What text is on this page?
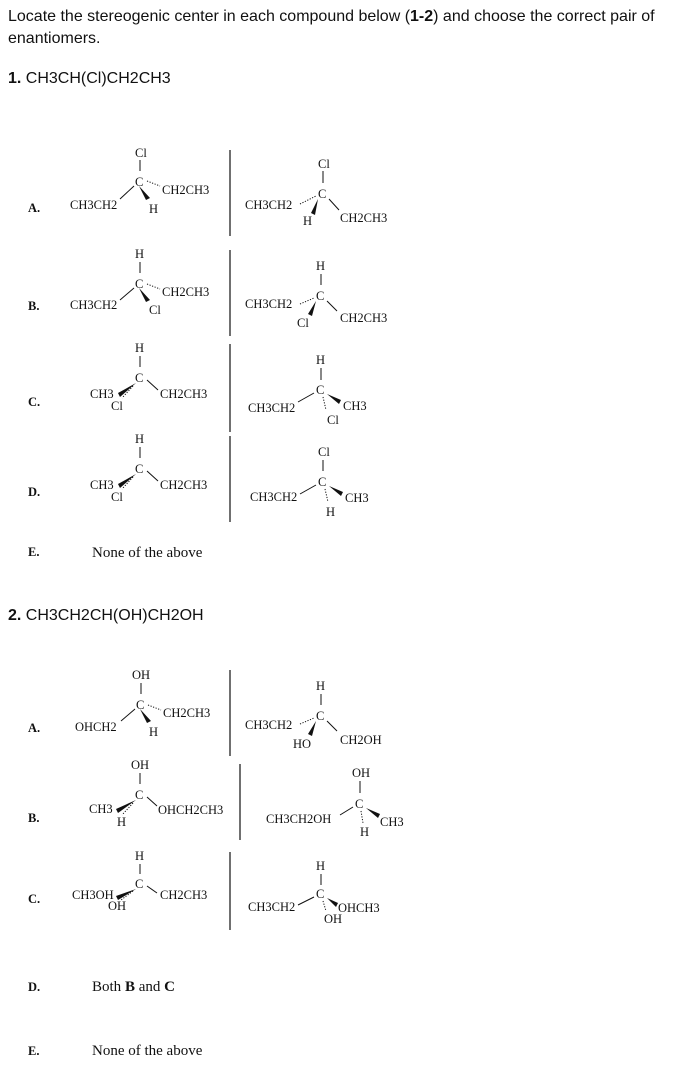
Locate the stereogenic center in each compound below (1-2) and choose the correct pair of enantiomers.
1. CH3CH(Cl)CH2CH3
2. CH3CH2CH(OH)CH2OH
A.
Cl
C
CH3CH2
CH2CH3
H
Cl
C
CH3CH2
H CH2CH3
B.
H
C
CH3CH2
CH2CH3
Cl
H
C
CH3CH2
Cl CH2CH3
C.
H
C
CH3
Cl
CH2CH3
H
C
CH3CH2	CH3
Cl
D.
H
C
CH3
Cl
CH2CH3
Cl
C
CH3CH2	CH3
H
E.	None of the above
A.
OH
C
OHCH2
CH2CH3
H
H
C
CH3CH2
HO CH2OH
B.
OH
C
CH3
H
OHCH2CH3
OH
C
CH3CH2OH	CH3
H
C.
H
C
CH3OH
OH
CH2CH3
H
C
CH3CH2	OHCH3
OH
D.	Both B and C
E.	None of the above
